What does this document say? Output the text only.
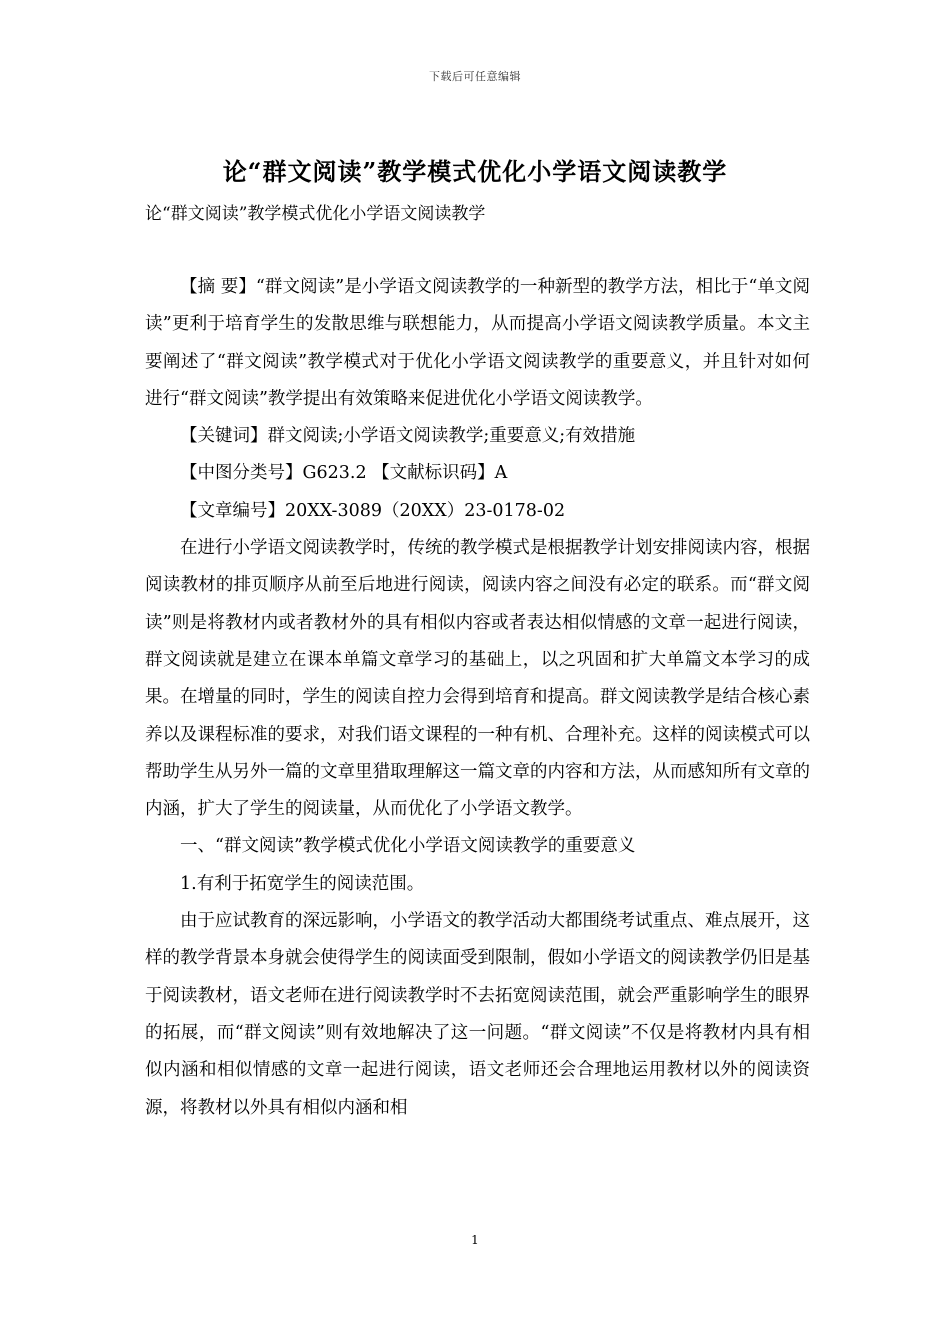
下载后可任意编辑
论“群文阅读”教学模式优化小学语文阅读教学
论“群文阅读”教学模式优化小学语文阅读教学

【摘 要】“群文阅读”是小学语文阅读教学的一种新型的教学方法，相比于“单文阅读”更利于培育学生的发散思维与联想能力，从而提高小学语文阅读教学质量。本文主要阐述了“群文阅读”教学模式对于优化小学语文阅读教学的重要意义，并且针对如何进行“群文阅读”教学提出有效策略来促进优化小学语文阅读教学。

【关键词】群文阅读;小学语文阅读教学;重要意义;有效措施

【中图分类号】G623.2 【文献标识码】A

【文章编号】20XX-3089（20XX）23-0178-02

在进行小学语文阅读教学时，传统的教学模式是根据教学计划安排阅读内容，根据阅读教材的排页顺序从前至后地进行阅读，阅读内容之间没有必定的联系。而“群文阅读”则是将教材内或者教材外的具有相似内容或者表达相似情感的文章一起进行阅读，群文阅读就是建立在课本单篇文章学习的基础上，以之巩固和扩大单篇文本学习的成果。在增量的同时，学生的阅读自控力会得到培育和提高。群文阅读教学是结合核心素养以及课程标准的要求，对我们语文课程的一种有机、合理补充。这样的阅读模式可以帮助学生从另外一篇的文章里猎取理解这一篇文章的内容和方法，从而感知所有文章的内涵，扩大了学生的阅读量，从而优化了小学语文教学。

一、“群文阅读”教学模式优化小学语文阅读教学的重要意义

1.有利于拓宽学生的阅读范围。

由于应试教育的深远影响，小学语文的教学活动大都围绕考试重点、难点展开，这样的教学背景本身就会使得学生的阅读面受到限制，假如小学语文的阅读教学仍旧是基于阅读教材，语文老师在进行阅读教学时不去拓宽阅读范围，就会严重影响学生的眼界的拓展，而“群文阅读”则有效地解决了这一问题。“群文阅读”不仅是将教材内具有相似内涵和相似情感的文章一起进行阅读，语文老师还会合理地运用教材以外的阅读资源，将教材以外具有相似内涵和相

1
